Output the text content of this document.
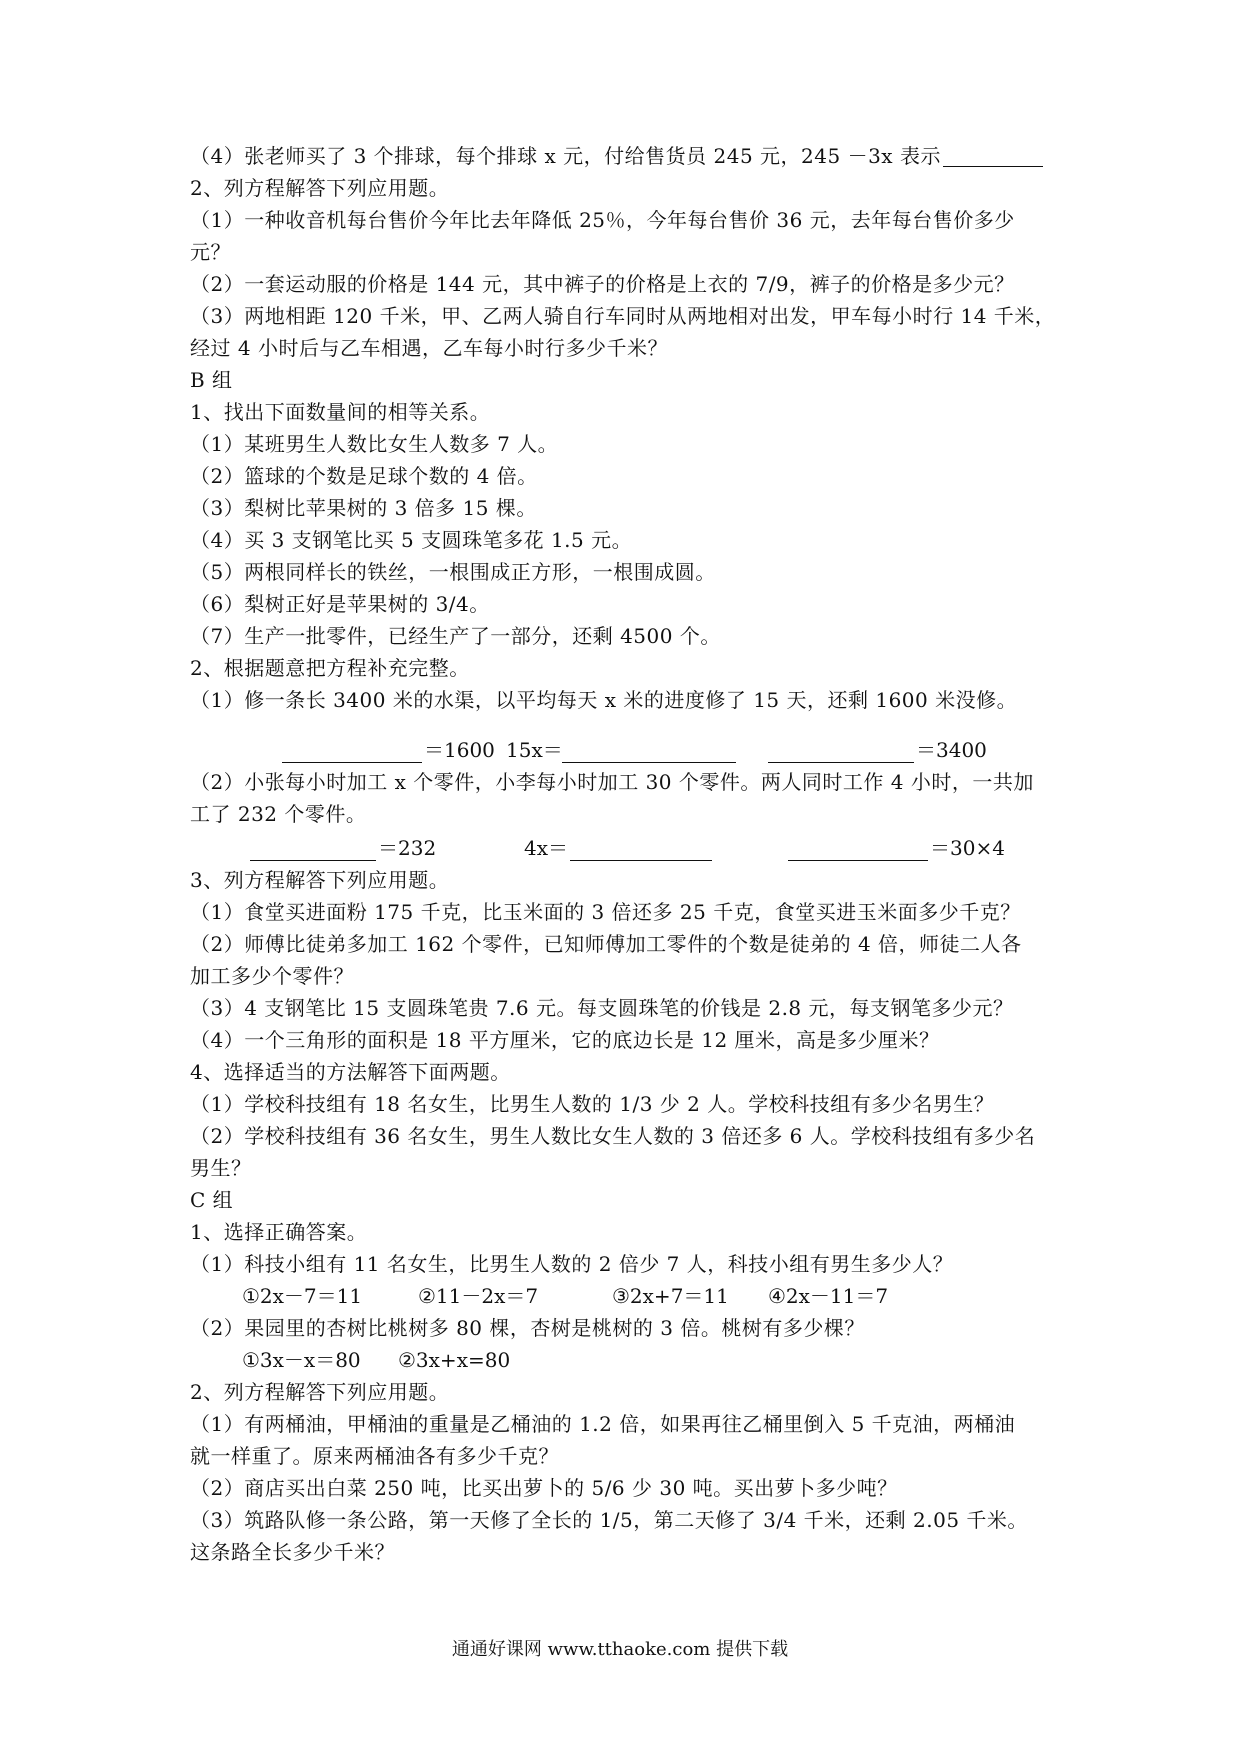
（4）张老师买了 3 个排球，每个排球 x 元，付给售货员 245 元，245 －3x 表示
2、列方程解答下列应用题。
（1）一种收音机每台售价今年比去年降低 25％，今年每台售价 36 元，去年每台售价多少
元？
（2）一套运动服的价格是 144 元，其中裤子的价格是上衣的 7/9，裤子的价格是多少元？
（3）两地相距 120 千米，甲、乙两人骑自行车同时从两地相对出发，甲车每小时行 14 千米，
经过 4 小时后与乙车相遇，乙车每小时行多少千米？
B 组
1、找出下面数量间的相等关系。
（1）某班男生人数比女生人数多 7 人。
（2）篮球的个数是足球个数的 4 倍。
（3）梨树比苹果树的 3 倍多 15 棵。
（4）买 3 支钢笔比买 5 支圆珠笔多花 1.5 元。
（5）两根同样长的铁丝，一根围成正方形，一根围成圆。
（6）梨树正好是苹果树的 3/4。
（7）生产一批零件，已经生产了一部分，还剩 4500 个。
2、根据题意把方程补充完整。
（1）修一条长 3400 米的水渠，以平均每天 x 米的进度修了 15 天，还剩 1600 米没修。
＝1600 15x＝	＝3400
（2）小张每小时加工 x 个零件，小李每小时加工 30 个零件。两人同时工作 4 小时，一共加
工了 232 个零件。
＝232	4x＝	＝30×4
3、列方程解答下列应用题。
（1）食堂买进面粉 175 千克，比玉米面的 3 倍还多 25 千克，食堂买进玉米面多少千克？
（2）师傅比徒弟多加工 162 个零件，已知师傅加工零件的个数是徒弟的 4 倍，师徒二人各
加工多少个零件？
（3）4 支钢笔比 15 支圆珠笔贵 7.6 元。每支圆珠笔的价钱是 2.8 元，每支钢笔多少元？
（4）一个三角形的面积是 18 平方厘米，它的底边长是 12 厘米，高是多少厘米？
4、选择适当的方法解答下面两题。
（1）学校科技组有 18 名女生，比男生人数的 1/3 少 2 人。学校科技组有多少名男生？
（2）学校科技组有 36 名女生，男生人数比女生人数的 3 倍还多 6 人。学校科技组有多少名
男生？
C 组
1、选择正确答案。
（1）科技小组有 11 名女生，比男生人数的 2 倍少 7 人，科技小组有男生多少人？
①2x－7＝11	②11－2x＝7	③2x+7＝11 ④2x－11＝7
（2）果园里的杏树比桃树多 80 棵，杏树是桃树的 3 倍。桃树有多少棵？
①3x－x＝80 ②3x+x=80
2、列方程解答下列应用题。
（1）有两桶油，甲桶油的重量是乙桶油的 1.2 倍，如果再往乙桶里倒入 5 千克油，两桶油
就一样重了。原来两桶油各有多少千克？
（2）商店买出白菜 250 吨，比买出萝卜的 5/6 少 30 吨。买出萝卜多少吨？
（3）筑路队修一条公路，第一天修了全长的 1/5，第二天修了 3/4 千米，还剩 2.05 千米。
这条路全长多少千米？
通通好课网 www.tthaoke.com 提供下载
